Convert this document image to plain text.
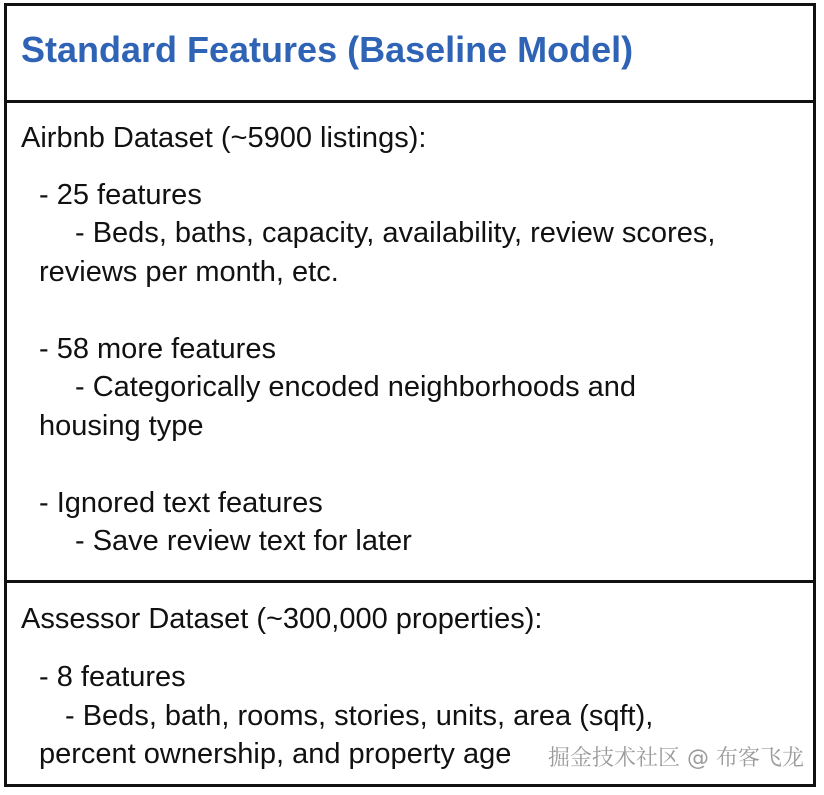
Standard Features (Baseline Model)
Airbnb Dataset (~5900 listings):
- 25 features
- Beds, baths, capacity, availability, review scores,
reviews per month, etc.
- 58 more features
- Categorically encoded neighborhoods and
housing type
- Ignored text features
- Save review text for later
Assessor Dataset (~300,000 properties):
- 8 features
- Beds, bath, rooms, stories, units, area (sqft),
percent ownership, and property age 掘金技术社区 @ 布客飞龙
